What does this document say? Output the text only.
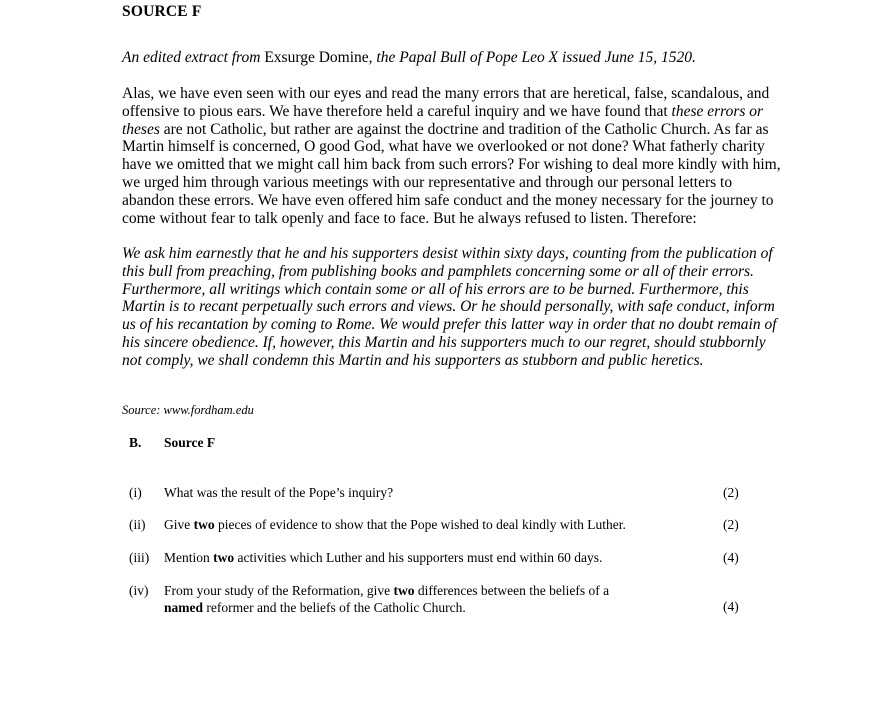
SOURCE F
An edited extract from Exsurge Domine, the Papal Bull of Pope Leo X issued June 15, 1520.
Alas, we have even seen with our eyes and read the many errors that are heretical, false, scandalous, and offensive to pious ears. We have therefore held a careful inquiry and we have found that these errors or theses are not Catholic, but rather are against the doctrine and tradition of the Catholic Church. As far as Martin himself is concerned, O good God, what have we overlooked or not done? What fatherly charity have we omitted that we might call him back from such errors? For wishing to deal more kindly with him, we urged him through various meetings with our representative and through our personal letters to abandon these errors. We have even offered him safe conduct and the money necessary for the journey to come without fear to talk openly and face to face. But he always refused to listen. Therefore:
We ask him earnestly that he and his supporters desist within sixty days, counting from the publication of this bull from preaching, from publishing books and pamphlets concerning some or all of their errors. Furthermore, all writings which contain some or all of his errors are to be burned. Furthermore, this Martin is to recant perpetually such errors and views. Or he should personally, with safe conduct, inform us of his recantation by coming to Rome. We would prefer this latter way in order that no doubt remain of his sincere obedience. If, however, this Martin and his supporters much to our regret, should stubbornly not comply, we shall condemn this Martin and his supporters as stubborn and public heretics.
Source: www.fordham.edu
B. Source F
(i) What was the result of the Pope’s inquiry?	(2)
(ii) Give two pieces of evidence to show that the Pope wished to deal kindly with Luther.	(2)
(iii) Mention two activities which Luther and his supporters must end within 60 days.	(4)
(iv) From your study of the Reformation, give two differences between the beliefs of a
named reformer and the beliefs of the Catholic Church.	(4)
